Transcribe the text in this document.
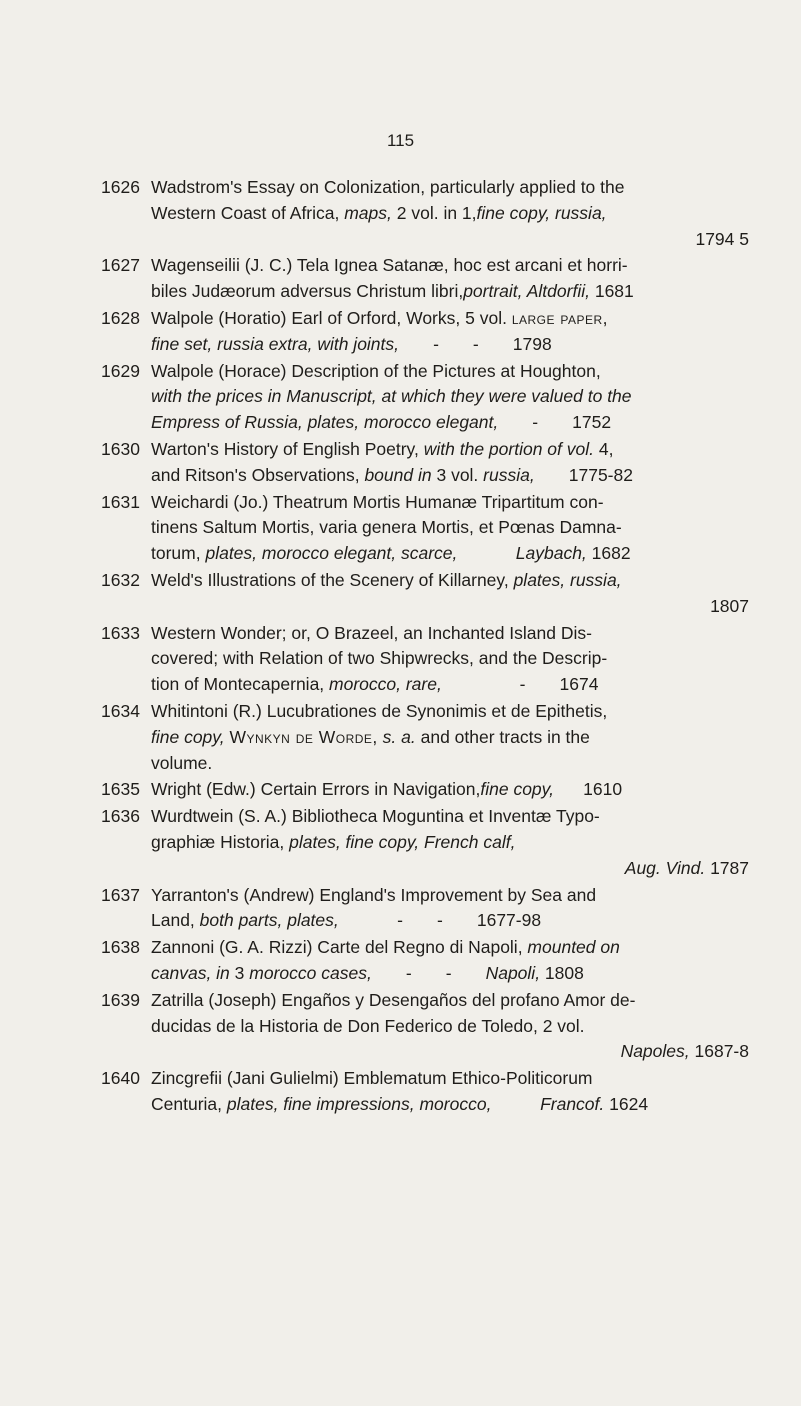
115
1626 Wadstrom's Essay on Colonization, particularly applied to the
Western Coast of Africa, maps, 2 vol. in 1,fine copy, russia,
1794 5
1627 Wagenseilii (J. C.) Tela Ignea Satanæ, hoc est arcani et horri-
biles Judæorum adversus Christum libri,portrait, Altdorfii, 1681
1628 Walpole (Horatio) Earl of Orford, Works, 5 vol. large paper,
fine set, russia extra, with joints,       -       -       1798
1629 Walpole (Horace) Description of the Pictures at Houghton,
with the prices in Manuscript, at which they were valued to the
Empress of Russia, plates, morocco elegant,       -       1752
1630 Warton's History of English Poetry, with the portion of vol. 4,
and Ritson's Observations, bound in 3 vol. russia,       1775-82
1631 Weichardi (Jo.) Theatrum Mortis Humanæ Tripartitum con-
tinens Saltum Mortis, varia genera Mortis, et Pœnas Damna-
torum, plates, morocco elegant, scarce,	Laybach, 1682
1632 Weld's Illustrations of the Scenery of Killarney, plates, russia,
1807
1633 Western Wonder; or, O Brazeel, an Inchanted Island Dis-
covered; with Relation of two Shipwrecks, and the Descrip-
tion of Montecapernia, morocco, rare,                -       1674
1634 Whitintoni (R.) Lucubrationes de Synonimis et de Epithetis,
fine copy, Wynkyn de Worde, s. a. and other tracts in the
volume.
1635 Wright (Edw.) Certain Errors in Navigation,fine copy,      1610
1636 Wurdtwein (S. A.) Bibliotheca Moguntina et Inventæ Typo-
graphiæ Historia, plates, fine copy, French calf,
Aug. Vind. 1787
1637 Yarranton's (Andrew) England's Improvement by Sea and
Land, both parts, plates,            -       -       1677-98
1638 Zannoni (G. A. Rizzi) Carte del Regno di Napoli, mounted on
canvas, in 3 morocco cases,       -       -       Napoli, 1808
1639 Zatrilla (Joseph) Engaños y Desengaños del profano Amor de-
ducidas de la Historia de Don Federico de Toledo, 2 vol.
Napoles, 1687-8
1640 Zincgrefii (Jani Gulielmi) Emblematum Ethico-Politicorum
Centuria, plates, fine impressions, morocco,	Francof. 1624
